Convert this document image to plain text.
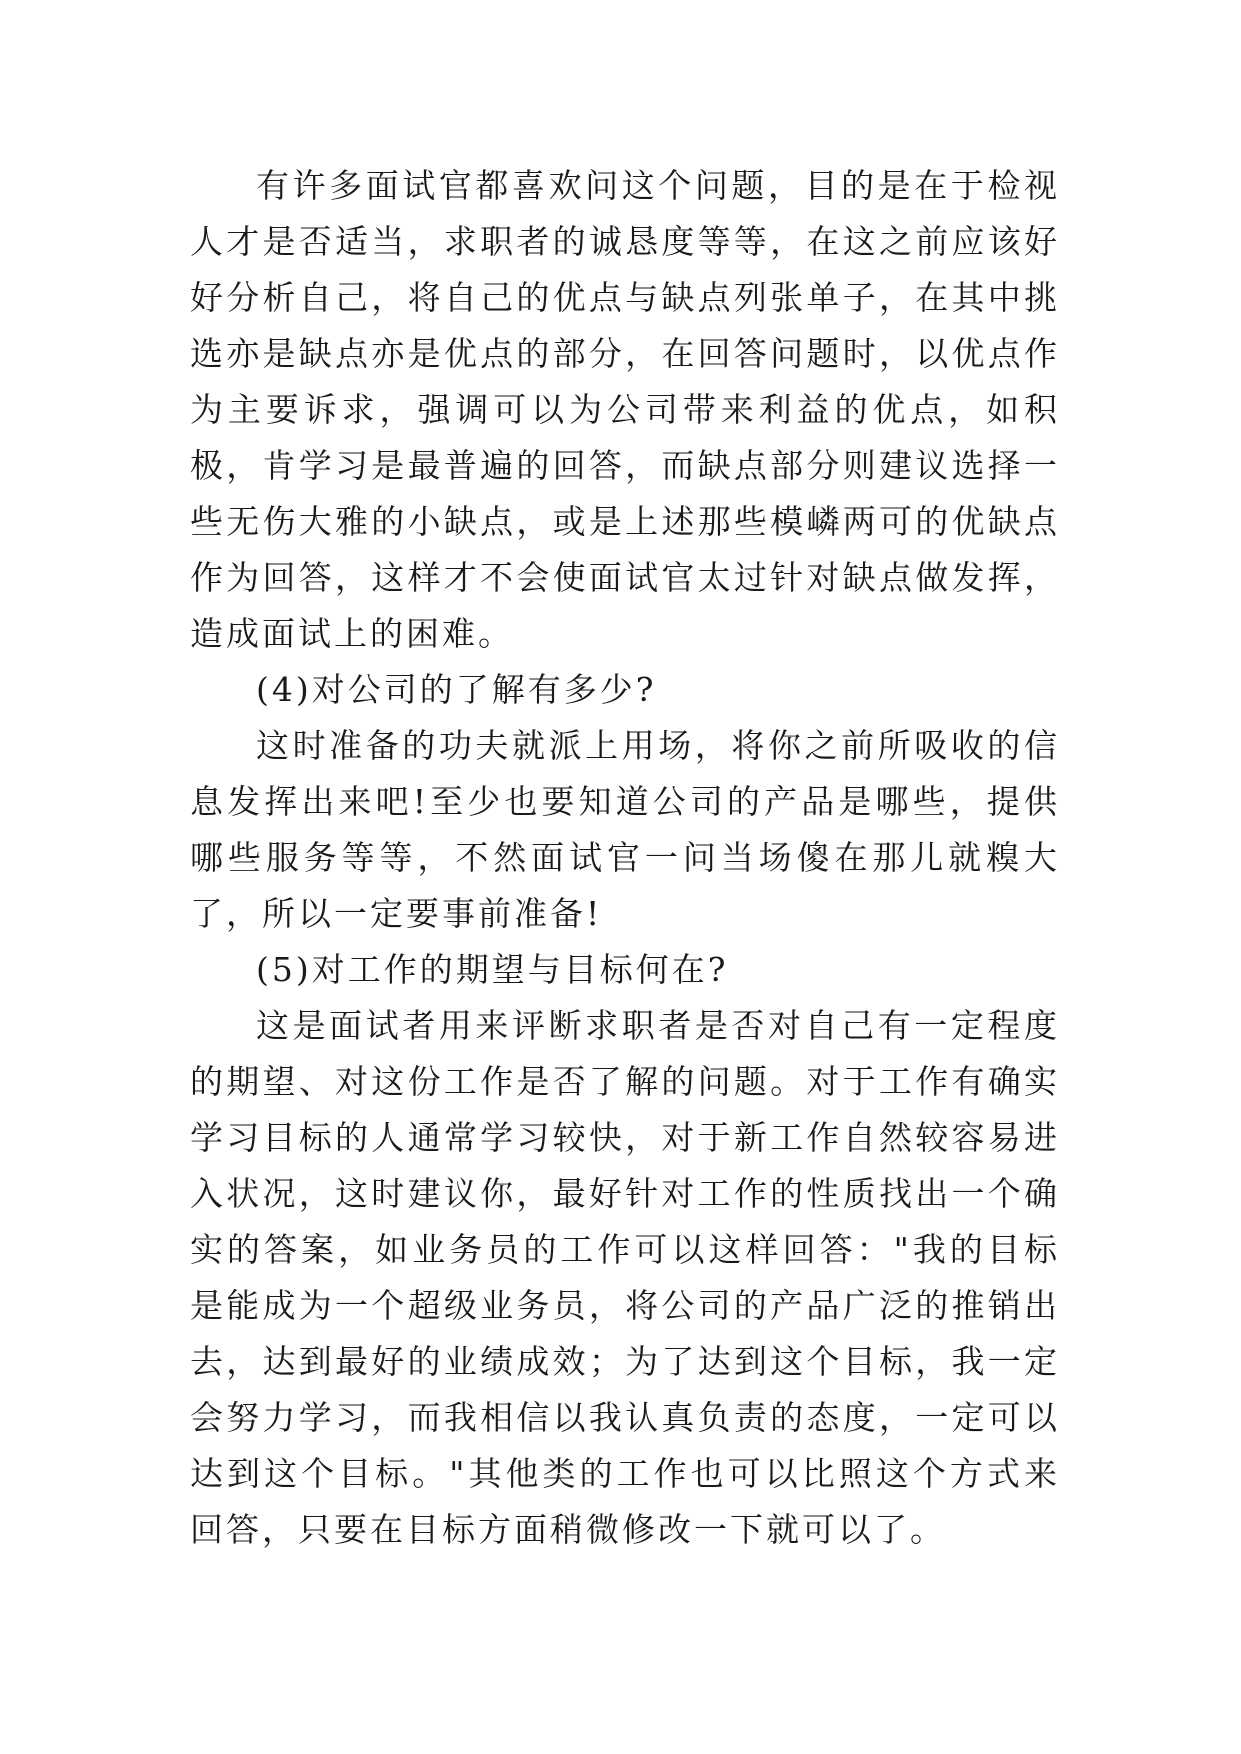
有许多面试官都喜欢问这个问题，目的是在于检视人才是否适当，求职者的诚恳度等等，在这之前应该好好分析自己，将自己的优点与缺点列张单子，在其中挑选亦是缺点亦是优点的部分，在回答问题时，以优点作为主要诉求，强调可以为公司带来利益的优点，如积极，肯学习是最普遍的回答，而缺点部分则建议选择一些无伤大雅的小缺点，或是上述那些模嶙两可的优缺点作为回答，这样才不会使面试官太过针对缺点做发挥，造成面试上的困难。

(4)对公司的了解有多少?

这时准备的功夫就派上用场，将你之前所吸收的信息发挥出来吧!至少也要知道公司的产品是哪些，提供哪些服务等等，不然面试官一问当场傻在那儿就糗大了，所以一定要事前准备!

(5)对工作的期望与目标何在?

这是面试者用来评断求职者是否对自己有一定程度的期望、对这份工作是否了解的问题。对于工作有确实学习目标的人通常学习较快，对于新工作自然较容易进入状况，这时建议你，最好针对工作的性质找出一个确实的答案，如业务员的工作可以这样回答："我的目标是能成为一个超级业务员，将公司的产品广泛的推销出去，达到最好的业绩成效；为了达到这个目标，我一定会努力学习，而我相信以我认真负责的态度，一定可以达到这个目标。"其他类的工作也可以比照这个方式来回答，只要在目标方面稍微修改一下就可以了。
